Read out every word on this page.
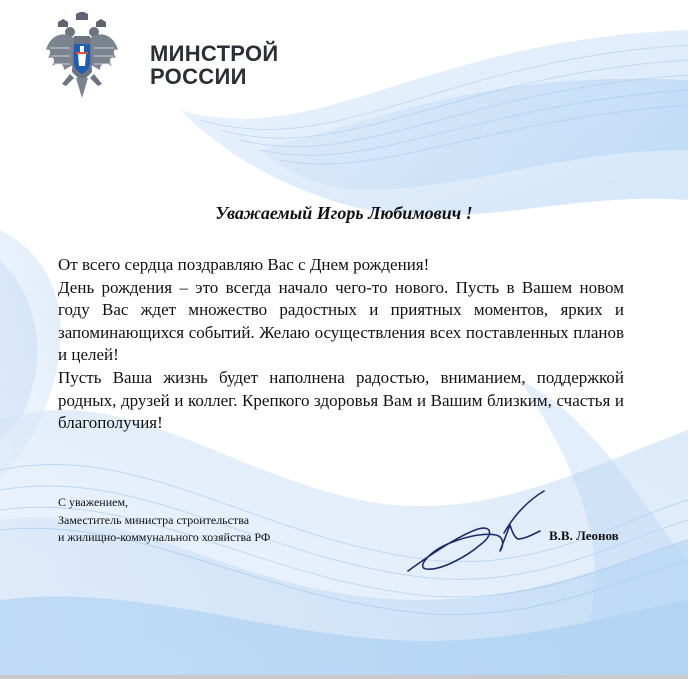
МИНСТРОЙ
РОССИИ
Уважаемый Игорь Любимович !

От всего сердца поздравляю Вас с Днем рождения!

День рождения – это всегда начало чего-то нового. Пусть в Вашем новом году Вас ждет множество радостных и приятных моментов, ярких и запоминающихся событий. Желаю осуществления всех поставленных планов и целей!

Пусть Ваша жизнь будет наполнена радостью, вниманием, поддержкой родных, друзей и коллег. Крепкого здоровья Вам и Вашим близким, счастья и благополучия!

С уважением,
Заместитель министра строительства
и жилищно-коммунального хозяйства РФ	В.В. Леонов
